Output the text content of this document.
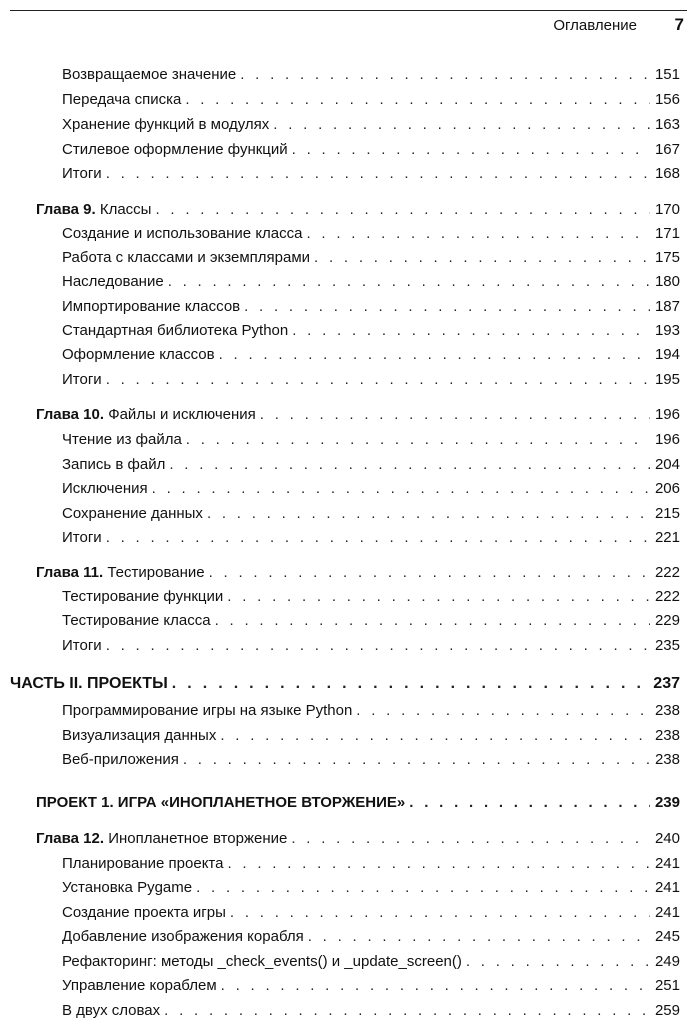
Оглавление 7
Возвращаемое значение . . .	151
Передача списка . . .	156
Хранение функций в модулях . . .	163
Стилевое оформление функций . . .	167
Итоги . . .	168
Глава 9. Классы . . .	170
Создание и использование класса . . .	171
Работа с классами и экземплярами . . .	175
Наследование . . .	180
Импортирование классов . . .	187
Стандартная библиотека Python . . .	193
Оформление классов . . .	194
Итоги . . .	195
Глава 10. Файлы и исключения . . .	196
Чтение из файла . . .	196
Запись в файл . . .	204
Исключения . . .	206
Сохранение данных . . .	215
Итоги . . .	221
Глава 11. Тестирование . . .	222
Тестирование функции . . .	222
Тестирование класса . . .	229
Итоги . . .	235
ЧАСТЬ II. ПРОЕКТЫ . . .	237
Программирование игры на языке Python . . .	238
Визуализация данных . . .	238
Веб-приложения . . .	238
ПРОЕКТ 1. ИГРА «ИНОПЛАНЕТНОЕ ВТОРЖЕНИЕ» . . .	239
Глава 12. Инопланетное вторжение . . .	240
Планирование проекта . . .	241
Установка Pygame . . .	241
Создание проекта игры . . .	241
Добавление изображения корабля . . .	245
Рефакторинг: методы _check_events() и _update_screen() . . .	249
Управление кораблем . . .	251
В двух словах . . .	259
